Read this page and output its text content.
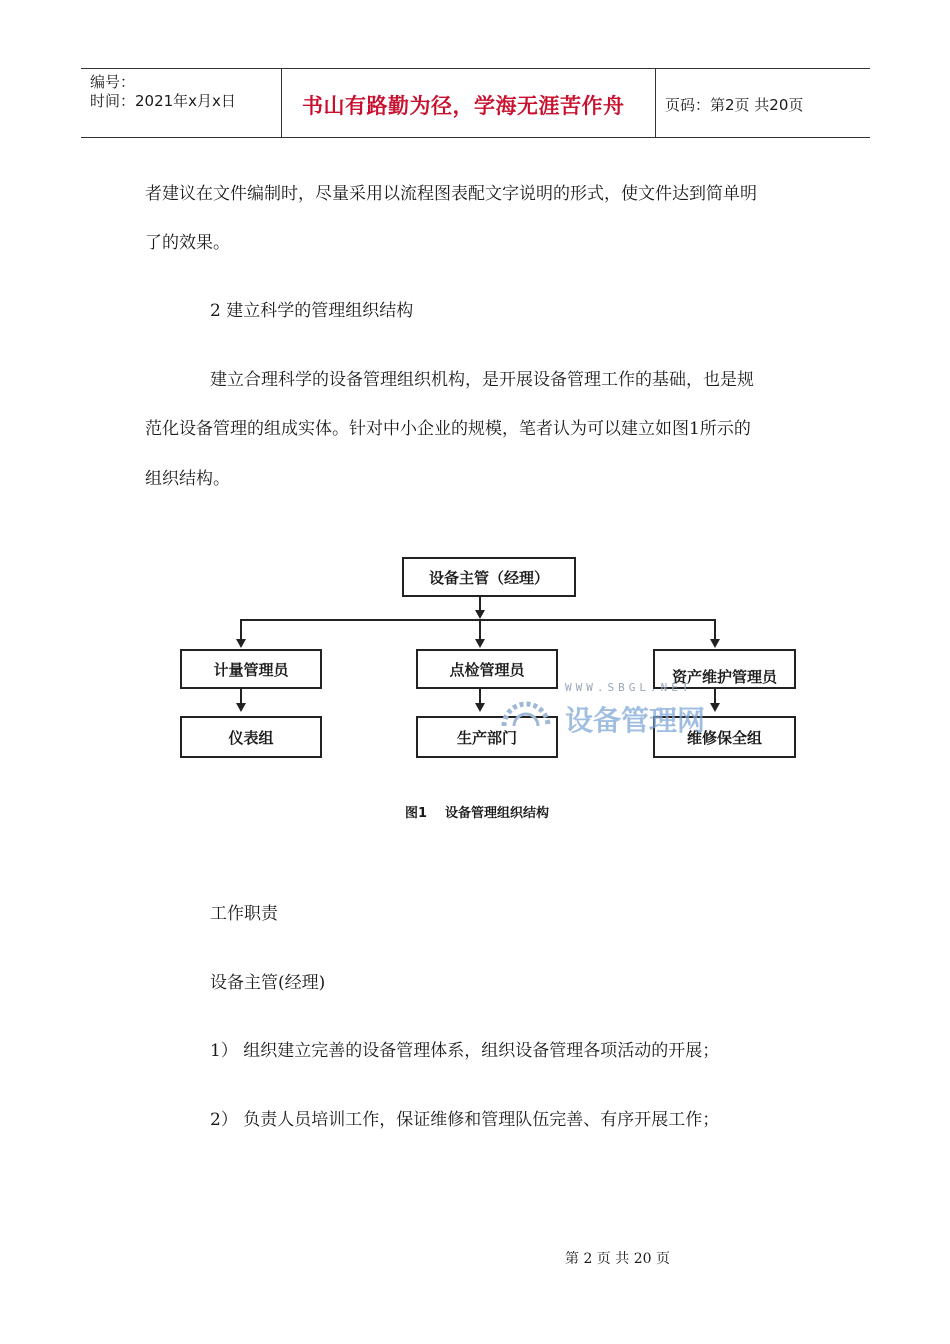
编号：
时间：2021年x月x日	书山有路勤为径，学海无涯苦作舟	页码：第2页 共20页
者建议在文件编制时，尽量采用以流程图表配文字说明的形式，使文件达到简单明
了的效果。
2 建立科学的管理组织结构
建立合理科学的设备管理组织机构，是开展设备管理工作的基础，也是规
范化设备管理的组成实体。针对中小企业的规模，笔者认为可以建立如图1所示的
组织结构。
设备主管（经理）
计量管理员	点检管理员	资产维护管理员
仪表组	生产部门	维修保全组
WWW.SBGL.NET
设备管理网
图1 设备管理组织结构
工作职责
设备主管(经理)
1） 组织建立完善的设备管理体系，组织设备管理各项活动的开展；
2） 负责人员培训工作，保证维修和管理队伍完善、有序开展工作；
第 2 页 共 20 页
